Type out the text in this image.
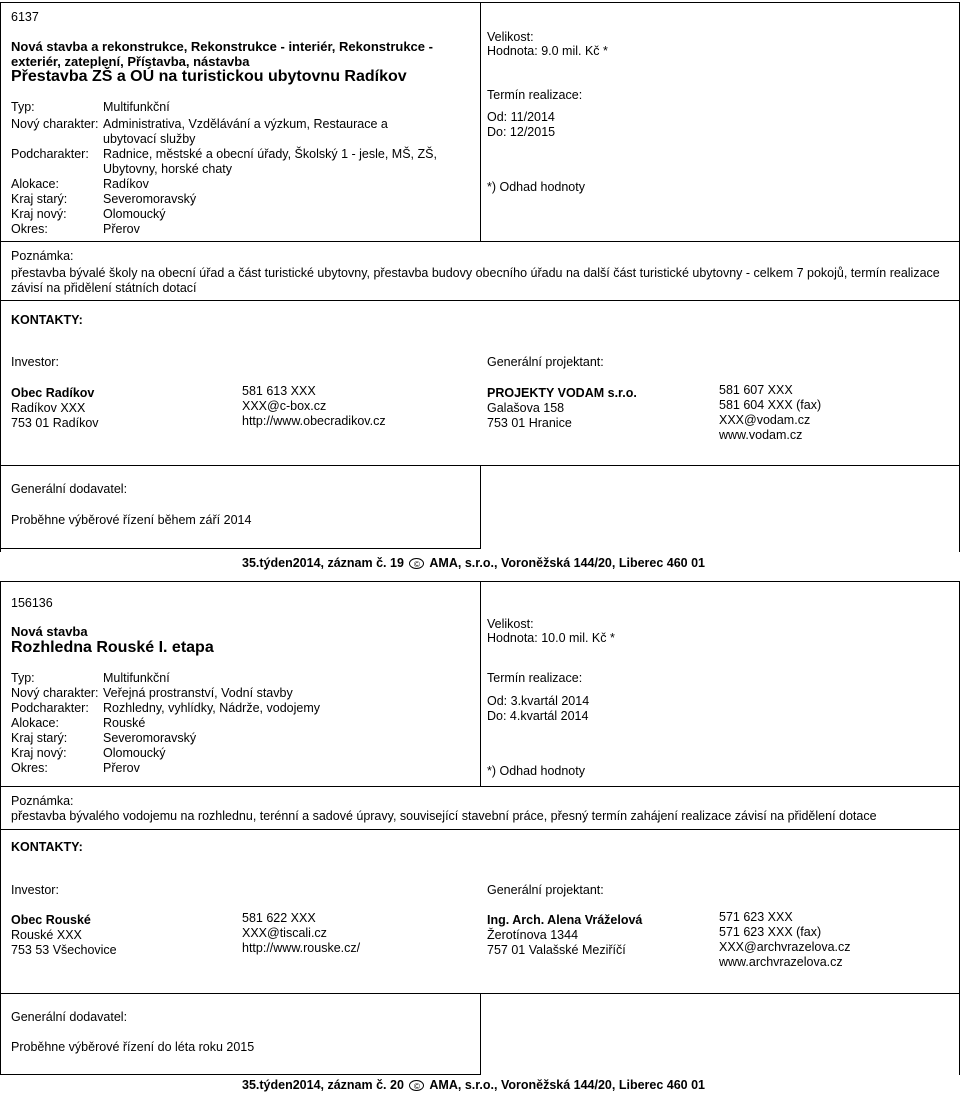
6137
Nová stavba a rekonstrukce, Rekonstrukce - interiér, Rekonstrukce - exteriér, zateplení, Přístavba, nástavba
Přestavba ZŠ a OÚ na turistickou ubytovnu Radíkov
Typ:	Multifunkční
Nový charakter: Administrativa, Vzdělávání a výzkum, Restaurace a ubytovací služby
Podcharakter: Radnice, městské a obecní úřady, Školský 1 - jesle, MŠ, ZŠ, Ubytovny, horské chaty
Alokace:	Radíkov
Kraj starý:	Severomoravský
Kraj nový:	Olomoucký
Okres:	Přerov
Velikost:
Hodnota: 9.0 mil. Kč *
Termín realizace:
Od: 11/2014
Do: 12/2015
*) Odhad hodnoty
Poznámka:
přestavba bývalé školy na obecní úřad a část turistické ubytovny, přestavba budovy obecního úřadu na další část turistické ubytovny - celkem 7 pokojů, termín realizace závisí na přidělení státních dotací
KONTAKTY:
Investor:
Obec Radíkov
Radíkov XXX
753 01 Radíkov
581 613 XXX
XXX@c-box.cz
http://www.obecradikov.cz
Generální projektant:
PROJEKTY VODAM s.r.o.
Galašova 158
753 01 Hranice
581 607 XXX
581 604 XXX (fax)
XXX@vodam.cz
www.vodam.cz
Generální dodavatel:
Proběhne výběrové řízení během září 2014
35.týden2014, záznam č. 19 © AMA, s.r.o., Voroněžská 144/20, Liberec 460 01
156136
Nová stavba
Rozhledna Rouské I. etapa
Typ:	Multifunkční
Nový charakter: Veřejná prostranství, Vodní stavby
Podcharakter: Rozhledny, vyhlídky, Nádrže, vodojemy
Alokace:	Rouské
Kraj starý:	Severomoravský
Kraj nový:	Olomoucký
Okres:	Přerov
Velikost:
Hodnota: 10.0 mil. Kč *
Termín realizace:
Od: 3.kvartál 2014
Do: 4.kvartál 2014
*) Odhad hodnoty
Poznámka:
přestavba bývalého vodojemu na rozhlednu, terénní a sadové úpravy, související stavební práce, přesný termín zahájení realizace závisí na přidělení dotace
KONTAKTY:
Investor:
Obec Rouské
Rouské XXX
753 53 Všechovice
581 622 XXX
XXX@tiscali.cz
http://www.rouske.cz/
Generální projektant:
Ing. Arch. Alena Vráželová
Žerotínova 1344
757 01 Valašské Meziříčí
571 623 XXX
571 623 XXX (fax)
XXX@archvrazelova.cz
www.archvrazelova.cz
Generální dodavatel:
Proběhne výběrové řízení do léta roku 2015
35.týden2014, záznam č. 20 © AMA, s.r.o., Voroněžská 144/20, Liberec 460 01
